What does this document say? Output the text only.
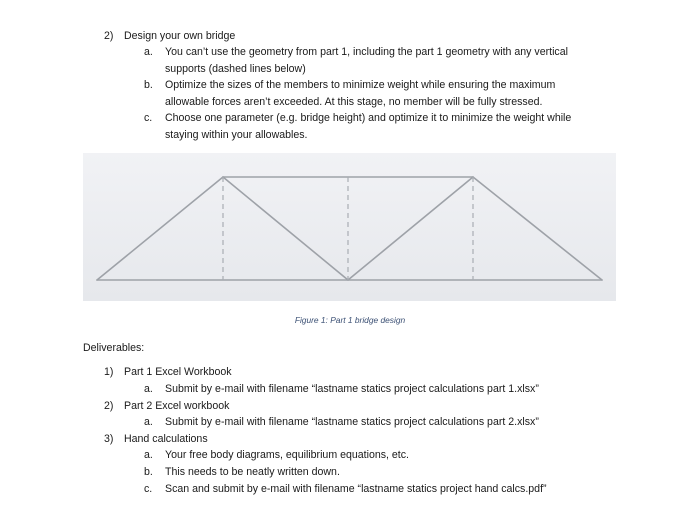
2) Design your own bridge
a. You can’t use the geometry from part 1, including the part 1 geometry with any vertical
supports (dashed lines below)
b. Optimize the sizes of the members to minimize weight while ensuring the maximum
allowable forces aren’t exceeded. At this stage, no member will be fully stressed.
c. Choose one parameter (e.g. bridge height) and optimize it to minimize the weight while
staying within your allowables.
Figure 1: Part 1 bridge design
Deliverables:
1) Part 1 Excel Workbook
a. Submit by e-mail with filename “lastname statics project calculations part 1.xlsx”
2) Part 2 Excel workbook
a. Submit by e-mail with filename “lastname statics project calculations part 2.xlsx”
3) Hand calculations
a. Your free body diagrams, equilibrium equations, etc.
b. This needs to be neatly written down.
c. Scan and submit by e-mail with filename “lastname statics project hand calcs.pdf”
